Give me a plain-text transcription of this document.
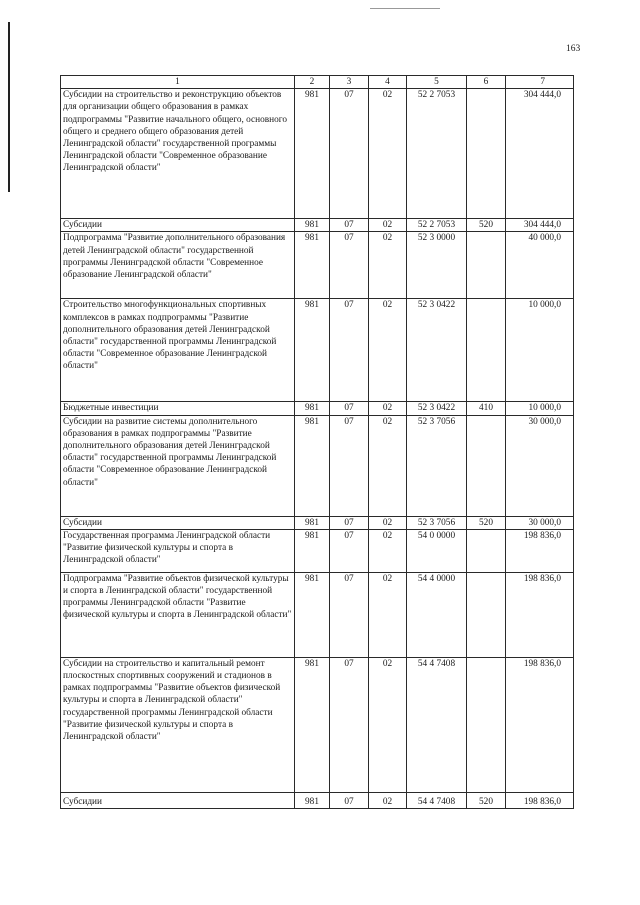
163
1	2	3	4	5	6	7
Субсидии на строительство и реконструкцию объектов для организации общего образования в рамках подпрограммы "Развитие начального общего, основного общего и среднего общего образования детей Ленинградской области" государственной программы Ленинградской области "Современное образование Ленинградской области"	981	07	02	52 2 7053		304 444,0
Субсидии	981	07	02	52 2 7053	520	304 444,0
Подпрограмма "Развитие дополнительного образования детей Ленинградской области" государственной программы Ленинградской области "Современное образование Ленинградской области"	981	07	02	52 3 0000		40 000,0
Строительство многофункциональных спортивных комплексов в рамках подпрограммы "Развитие дополнительного образования детей Ленинградской области" государственной программы Ленинградской области "Современное образование Ленинградской области"	981	07	02	52 3 0422		10 000,0
Бюджетные инвестиции	981	07	02	52 3 0422	410	10 000,0
Субсидии на развитие системы дополнительного образования в рамках подпрограммы "Развитие дополнительного образования детей Ленинградской области" государственной программы Ленинградской области "Современное образование Ленинградской области"	981	07	02	52 3 7056		30 000,0
Субсидии	981	07	02	52 3 7056	520	30 000,0
Государственная программа Ленинградской области "Развитие физической культуры и спорта в Ленинградской области"	981	07	02	54 0 0000		198 836,0
Подпрограмма "Развитие объектов физической культуры и спорта в Ленинградской области" государственной программы Ленинградской области "Развитие физической культуры и спорта в Ленинградской области"	981	07	02	54 4 0000		198 836,0
Субсидии на строительство и капитальный ремонт плоскостных спортивных сооружений и стадионов в рамках подпрограммы "Развитие объектов физической культуры и спорта в Ленинградской области" государственной программы Ленинградской области "Развитие физической культуры и спорта в Ленинградской области"	981	07	02	54 4 7408		198 836,0
Субсидии	981	07	02	54 4 7408	520	198 836,0
